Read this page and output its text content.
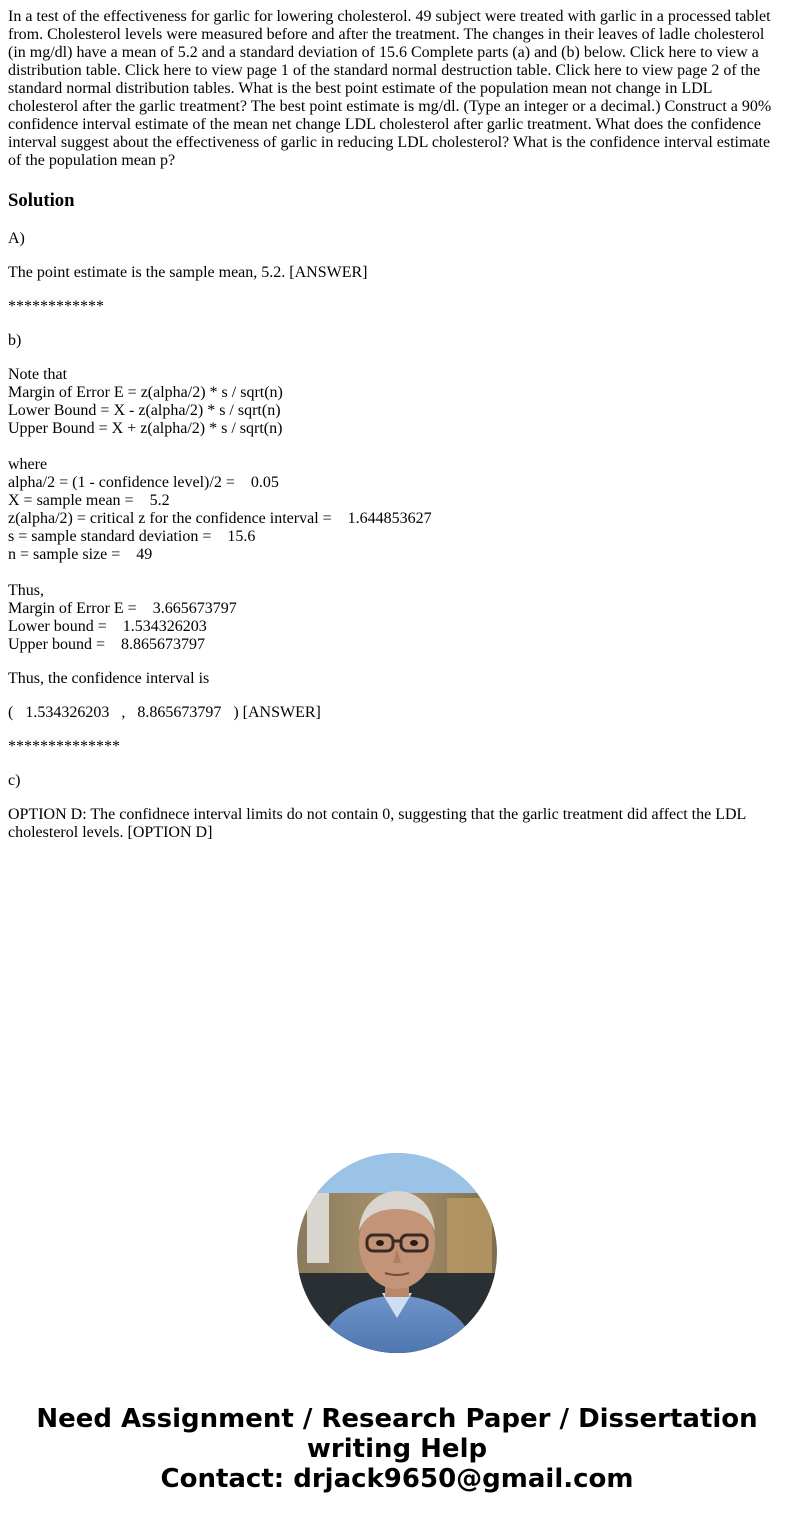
In a test of the effectiveness for garlic for lowering cholesterol. 49 subject were treated with garlic in a processed tablet from. Cholesterol levels were measured before and after the treatment. The changes in their leaves of ladle cholesterol (in mg/dl) have a mean of 5.2 and a standard deviation of 15.6 Complete parts (a) and (b) below. Click here to view a distribution table. Click here to view page 1 of the standard normal destruction table. Click here to view page 2 of the standard normal distribution tables. What is the best point estimate of the population mean not change in LDL cholesterol after the garlic treatment? The best point estimate is mg/dl. (Type an integer or a decimal.) Construct a 90% confidence interval estimate of the mean net change LDL cholesterol after garlic treatment. What does the confidence interval suggest about the effectiveness of garlic in reducing LDL cholesterol? What is the confidence interval estimate of the population mean p?

Solution

A)

The point estimate is the sample mean, 5.2. [ANSWER]

************

b)

Note that
Margin of Error E = z(alpha/2) * s / sqrt(n)
Lower Bound = X - z(alpha/2) * s / sqrt(n)
Upper Bound = X + z(alpha/2) * s / sqrt(n)

where
alpha/2 = (1 - confidence level)/2 =    0.05
X = sample mean =    5.2
z(alpha/2) = critical z for the confidence interval =    1.644853627
s = sample standard deviation =    15.6
n = sample size =    49

Thus,
Margin of Error E =    3.665673797
Lower bound =    1.534326203
Upper bound =    8.865673797

Thus, the confidence interval is

(   1.534326203   ,   8.865673797   ) [ANSWER]

**************

c)

OPTION D: The confidnece interval limits do not contain 0, suggesting that the garlic treatment did affect the LDL cholesterol levels. [OPTION D]

Need Assignment / Research Paper / Dissertation
writing Help
Contact: drjack9650@gmail.com
